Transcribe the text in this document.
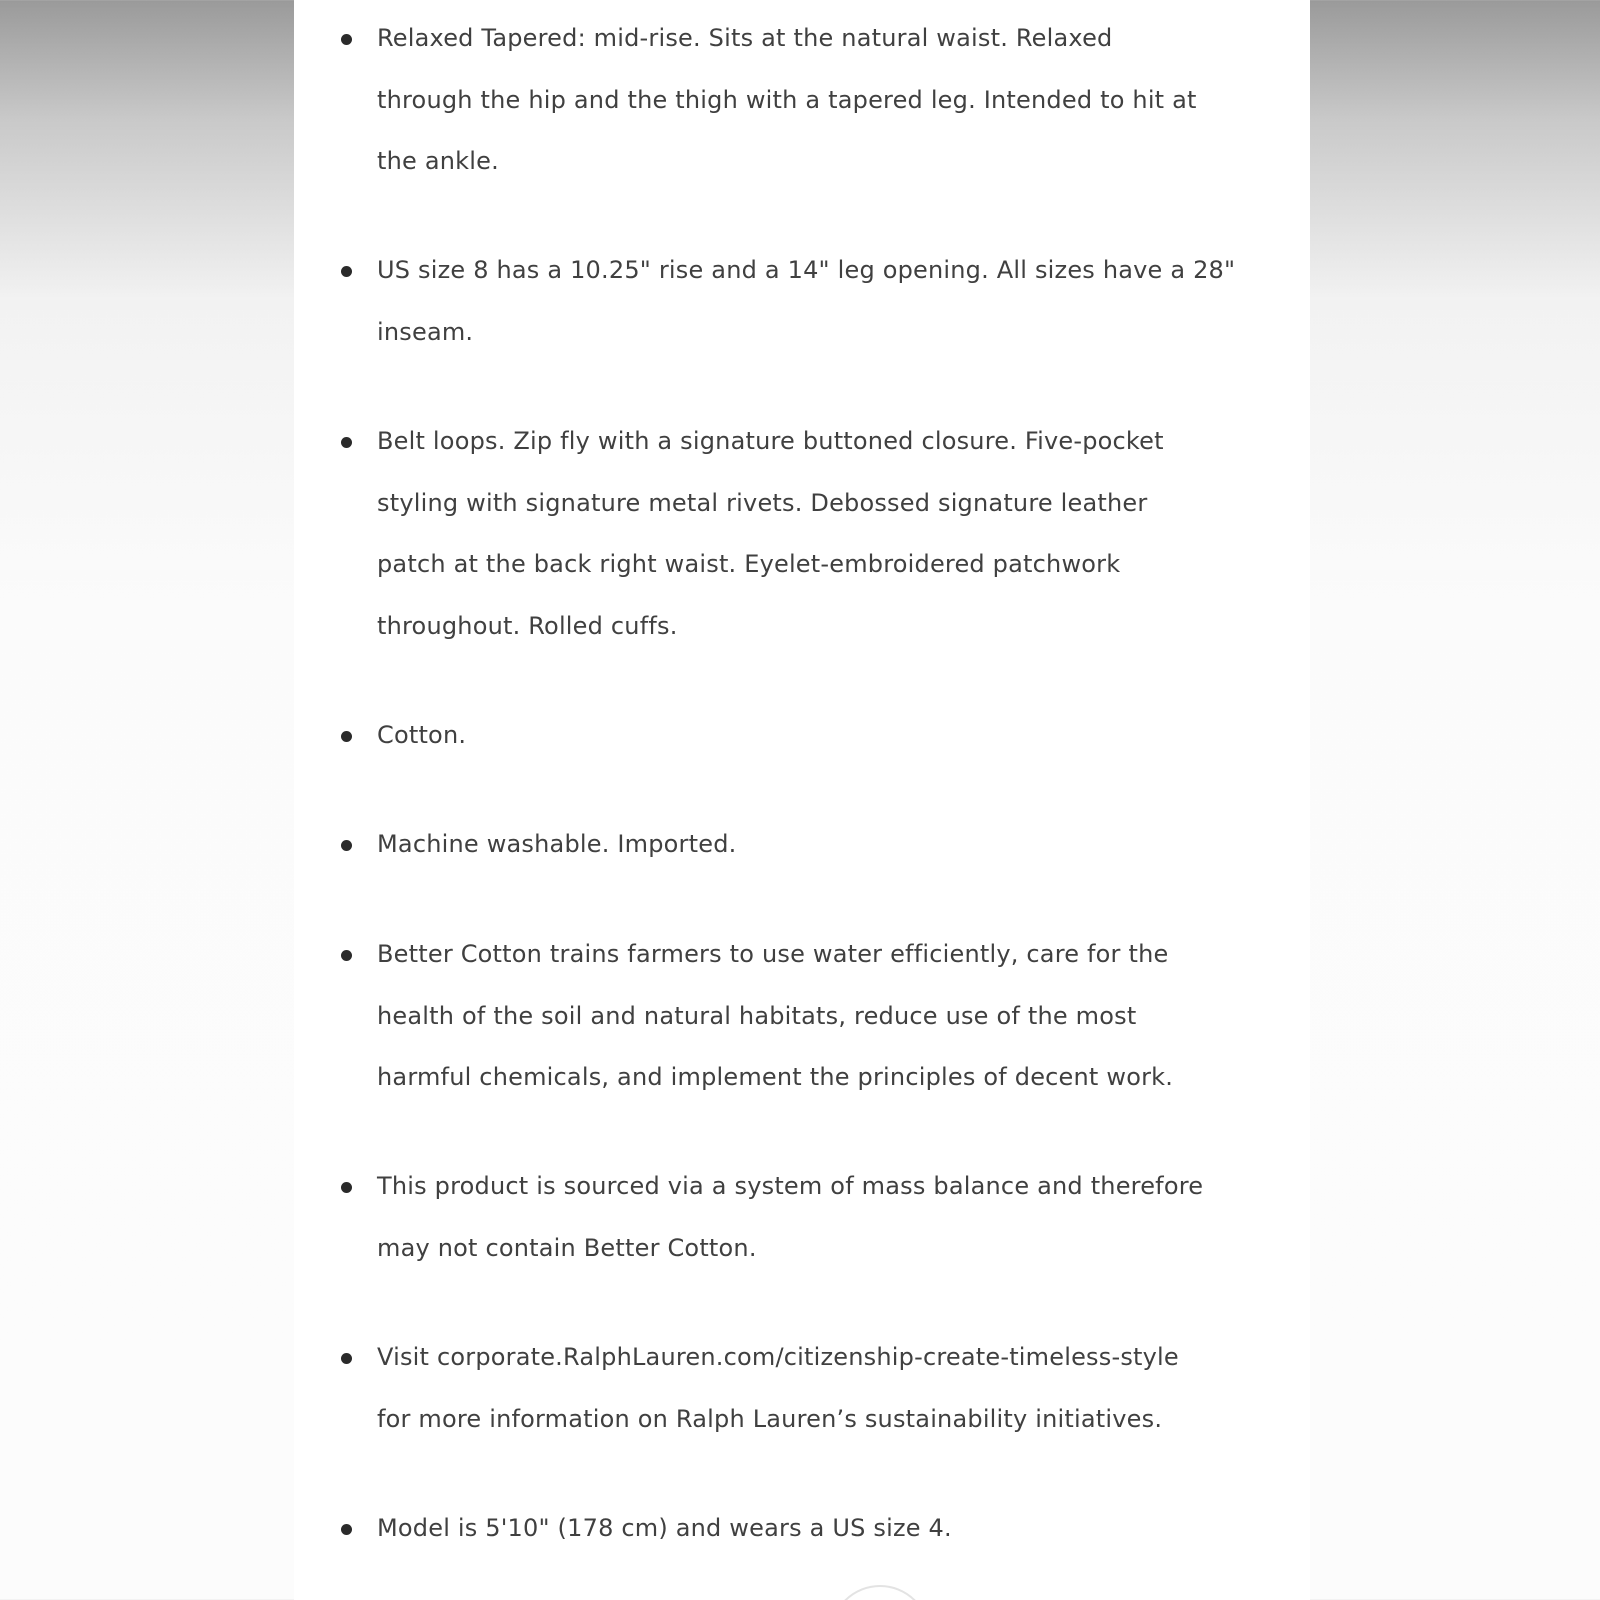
Relaxed Tapered: mid-rise. Sits at the natural waist. Relaxed
through the hip and the thigh with a tapered leg. Intended to hit at
the ankle.
US size 8 has a 10.25" rise and a 14" leg opening. All sizes have a 28"
inseam.
Belt loops. Zip fly with a signature buttoned closure. Five-pocket
styling with signature metal rivets. Debossed signature leather
patch at the back right waist. Eyelet-embroidered patchwork
throughout. Rolled cuffs.
Cotton.
Machine washable. Imported.
Better Cotton trains farmers to use water efficiently, care for the
health of the soil and natural habitats, reduce use of the most
harmful chemicals, and implement the principles of decent work.
This product is sourced via a system of mass balance and therefore
may not contain Better Cotton.
Visit corporate.RalphLauren.com/citizenship-create-timeless-style
for more information on Ralph Lauren’s sustainability initiatives.
Model is 5'10" (178 cm) and wears a US size 4.
